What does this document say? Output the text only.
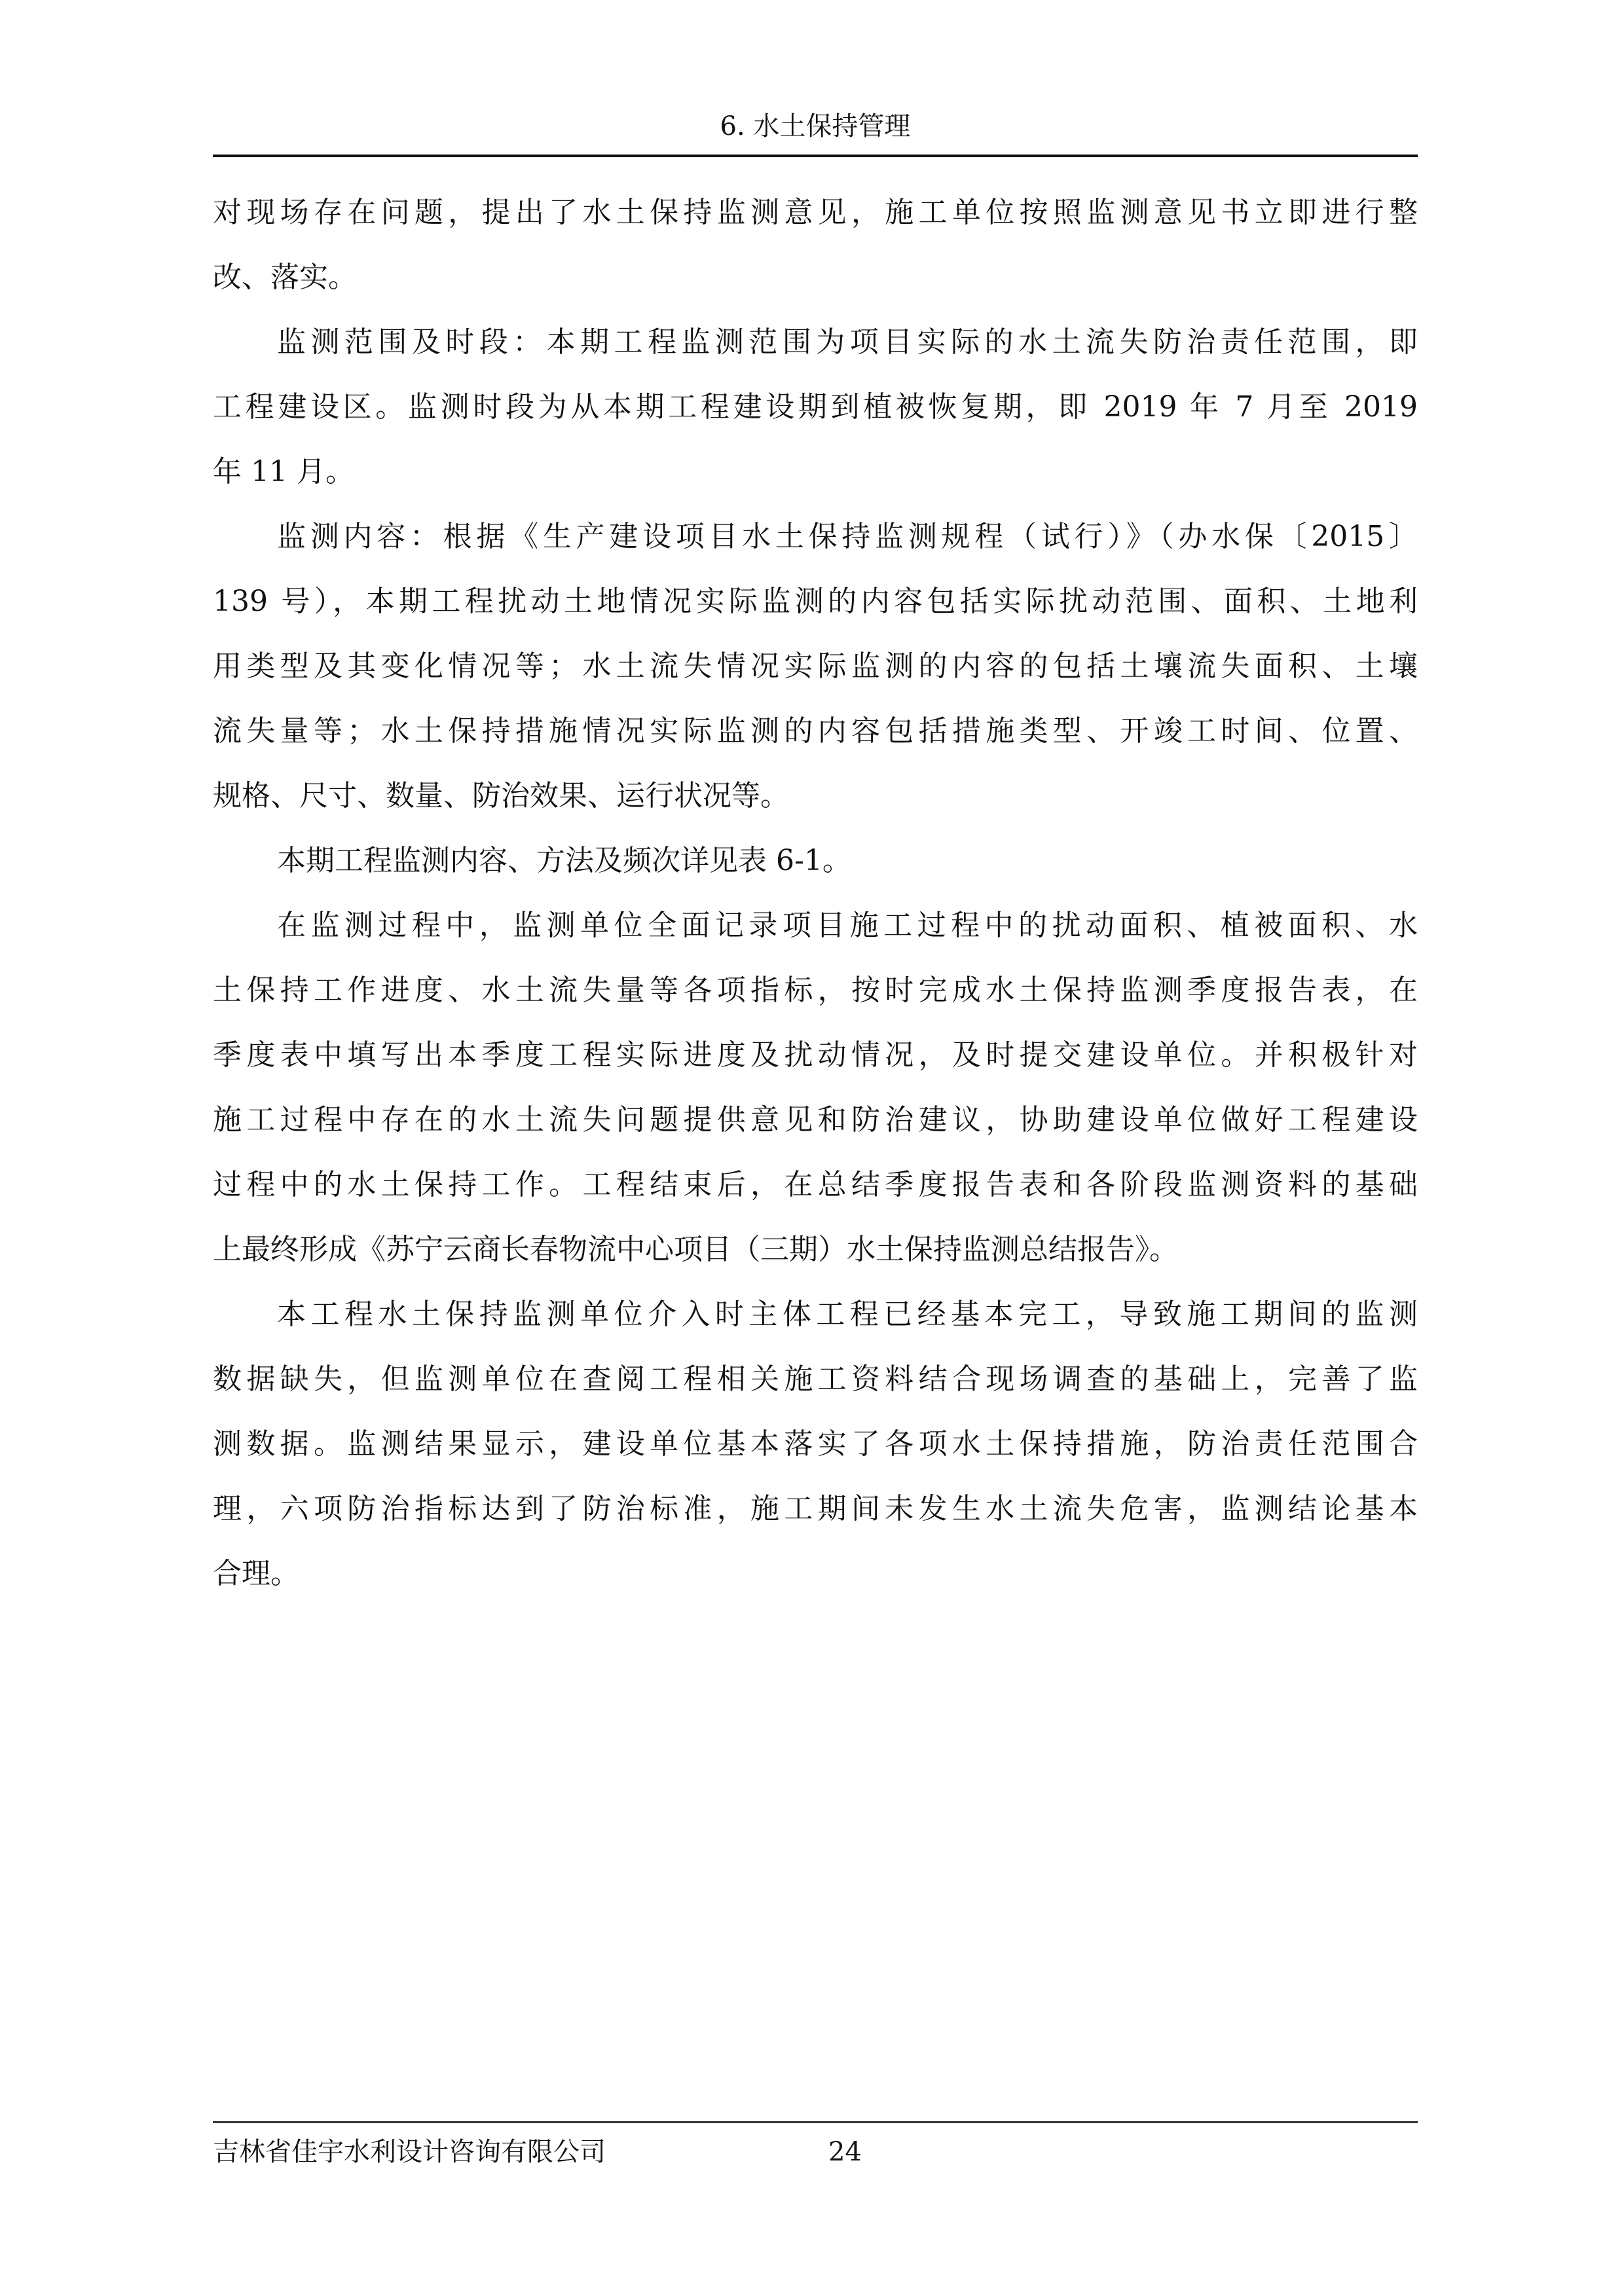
6. 水土保持管理
对现场存在问题，提出了水土保持监测意见，施工单位按照监测意见书立即进行整
改、落实。
监测范围及时段：本期工程监测范围为项目实际的水土流失防治责任范围，即
工程建设区。监测时段为从本期工程建设期到植被恢复期，即 2019 年 7 月至 2019
年 11 月。
监测内容：根据《生产建设项目水土保持监测规程（试行）》（办水保〔2015〕
139 号），本期工程扰动土地情况实际监测的内容包括实际扰动范围、面积、土地利
用类型及其变化情况等；水土流失情况实际监测的内容的包括土壤流失面积、土壤
流失量等；水土保持措施情况实际监测的内容包括措施类型、开竣工时间、位置、
规格、尺寸、数量、防治效果、运行状况等。
本期工程监测内容、方法及频次详见表 6-1。
在监测过程中，监测单位全面记录项目施工过程中的扰动面积、植被面积、水
土保持工作进度、水土流失量等各项指标，按时完成水土保持监测季度报告表，在
季度表中填写出本季度工程实际进度及扰动情况，及时提交建设单位。并积极针对
施工过程中存在的水土流失问题提供意见和防治建议，协助建设单位做好工程建设
过程中的水土保持工作。工程结束后，在总结季度报告表和各阶段监测资料的基础
上最终形成《苏宁云商长春物流中心项目（三期）水土保持监测总结报告》。
本工程水土保持监测单位介入时主体工程已经基本完工，导致施工期间的监测
数据缺失，但监测单位在查阅工程相关施工资料结合现场调查的基础上，完善了监
测数据。监测结果显示，建设单位基本落实了各项水土保持措施，防治责任范围合
理，六项防治指标达到了防治标准，施工期间未发生水土流失危害，监测结论基本
合理。
吉林省佳宇水利设计咨询有限公司	24
